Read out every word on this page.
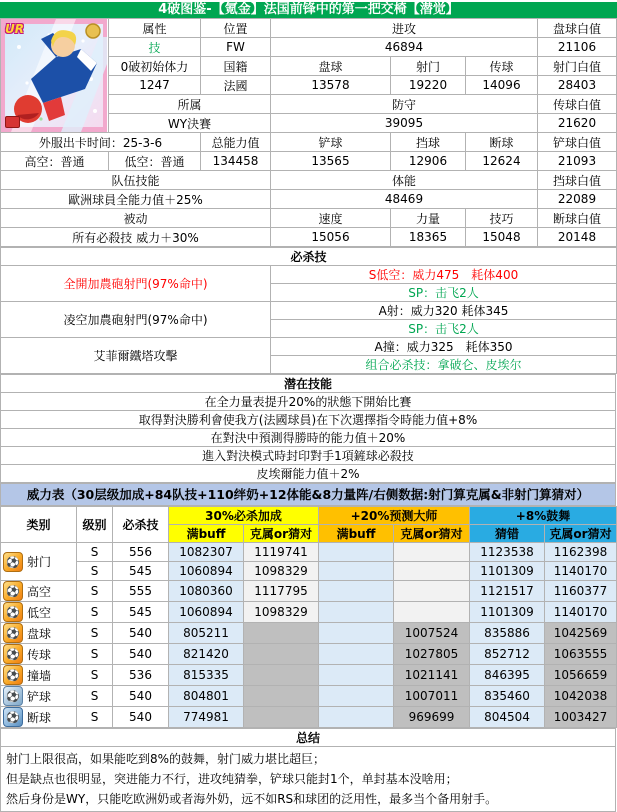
4破图鉴-【氪金】法国前锋中的第一把交椅【潜觉】
UR	属性	位置	进攻			盘球白值
	技	FW	46894			21106
	0破初始体力	国籍	盘球	射门	传球	射门白值
	1247	法國	13578	19220	14096	28403
	所属		防守			传球白值
	WY決賽		39095			21620
外服出卡时间：25-3-6		总能力值	铲球	挡球	断球	铲球白值
高空：普通	低空：普通	134458	13565	12906	12624	21093
队伍技能			体能			挡球白值
歐洲球員全能力值＋25%			48469			22089
被动			速度	力量	技巧	断球白值
所有必殺技 威力＋30%			15056	18365	15048	20148
必杀技	
全開加農砲射門(97%命中)	S低空：威力475　耗体400
	SP：击飞2人
凌空加農砲射門(97%命中)	A射：威力320 耗体345
	SP：击飞2人
艾菲爾鐵塔攻擊	A撞：威力325　耗体350
	组合必杀技：拿破仑、皮埃尔
潜在技能
在全力量表提升20%的狀態下開始比賽
取得對決勝利會使我方(法國球員)在下次選擇指令時能力值+8%
在對決中預測得勝時的能力值＋20%
進入對決模式時封印對手1項鏟球必殺技
皮埃爾能力值＋2%
威力表（30层级加成+84队技+110绊奶+12体能&8力量阵/右侧数据:射门算克属&非射门算猜对）
类别	级别	必杀技	30%必杀加成		+20%预测大师		+8%鼓舞	
			满buff	克属or猜对	满buff	克属or猜对	猜错	克属or猜对
⚽ 射门	S	556	1082307	1119741			1123538	1162398
	S	545	1060894	1098329			1101309	1140170
⚽ 高空	S	555	1080360	1117795			1121517	1160377
⚽ 低空	S	545	1060894	1098329			1101309	1140170
⚽ 盘球	S	540	805211			1007524	835886	1042569
⚽ 传球	S	540	821420			1027805	852712	1063555
⚽ 撞墙	S	536	815335			1021141	846395	1056659
⚽ 铲球	S	540	804801			1007011	835460	1042038
⚽ 断球	S	540	774981			969699	804504	1003427
总结

射门上限很高，如果能吃到8%的鼓舞，射门威力堪比超巨；
但是缺点也很明显，突进能力不行，进攻纯猜拳，铲球只能封1个，单封基本没啥用；
然后身份是WY，只能吃欧洲奶或者海外奶，远不如RS和球团的泛用性，最多当个备用射手。
